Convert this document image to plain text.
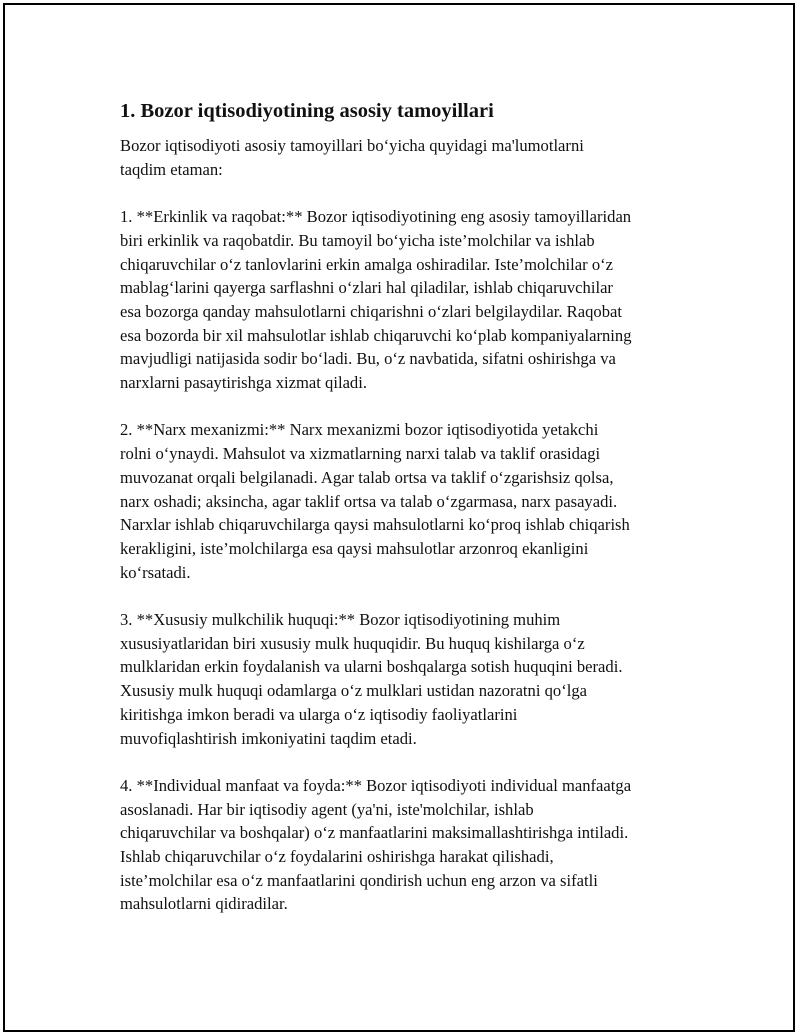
1. Bozor iqtisodiyotining asosiy tamoyillari
Bozor iqtisodiyoti asosiy tamoyillari bo‘yicha quyidagi ma'lumotlarni
taqdim etaman:
1. **Erkinlik va raqobat:** Bozor iqtisodiyotining eng asosiy tamoyillaridan
biri erkinlik va raqobatdir. Bu tamoyil bo‘yicha iste’molchilar va ishlab
chiqaruvchilar o‘z tanlovlarini erkin amalga oshiradilar. Iste’molchilar o‘z
mablag‘larini qayerga sarflashni o‘zlari hal qiladilar, ishlab chiqaruvchilar
esa bozorga qanday mahsulotlarni chiqarishni o‘zlari belgilaydilar. Raqobat
esa bozorda bir xil mahsulotlar ishlab chiqaruvchi ko‘plab kompaniyalarning
mavjudligi natijasida sodir bo‘ladi. Bu, o‘z navbatida, sifatni oshirishga va
narxlarni pasaytirishga xizmat qiladi.
2. **Narx mexanizmi:** Narx mexanizmi bozor iqtisodiyotida yetakchi
rolni o‘ynaydi. Mahsulot va xizmatlarning narxi talab va taklif orasidagi
muvozanat orqali belgilanadi. Agar talab ortsa va taklif o‘zgarishsiz qolsa,
narx oshadi; aksincha, agar taklif ortsa va talab o‘zgarmasa, narx pasayadi.
Narxlar ishlab chiqaruvchilarga qaysi mahsulotlarni ko‘proq ishlab chiqarish
kerakligini, iste’molchilarga esa qaysi mahsulotlar arzonroq ekanligini
ko‘rsatadi.
3. **Xususiy mulkchilik huquqi:** Bozor iqtisodiyotining muhim
xususiyatlaridan biri xususiy mulk huquqidir. Bu huquq kishilarga o‘z
mulklaridan erkin foydalanish va ularni boshqalarga sotish huquqini beradi.
Xususiy mulk huquqi odamlarga o‘z mulklari ustidan nazoratni qo‘lga
kiritishga imkon beradi va ularga o‘z iqtisodiy faoliyatlarini
muvofiqlashtirish imkoniyatini taqdim etadi.
4. **Individual manfaat va foyda:** Bozor iqtisodiyoti individual manfaatga
asoslanadi. Har bir iqtisodiy agent (ya'ni, iste'molchilar, ishlab
chiqaruvchilar va boshqalar) o‘z manfaatlarini maksimallashtirishga intiladi.
Ishlab chiqaruvchilar o‘z foydalarini oshirishga harakat qilishadi,
iste’molchilar esa o‘z manfaatlarini qondirish uchun eng arzon va sifatli
mahsulotlarni qidiradilar.
